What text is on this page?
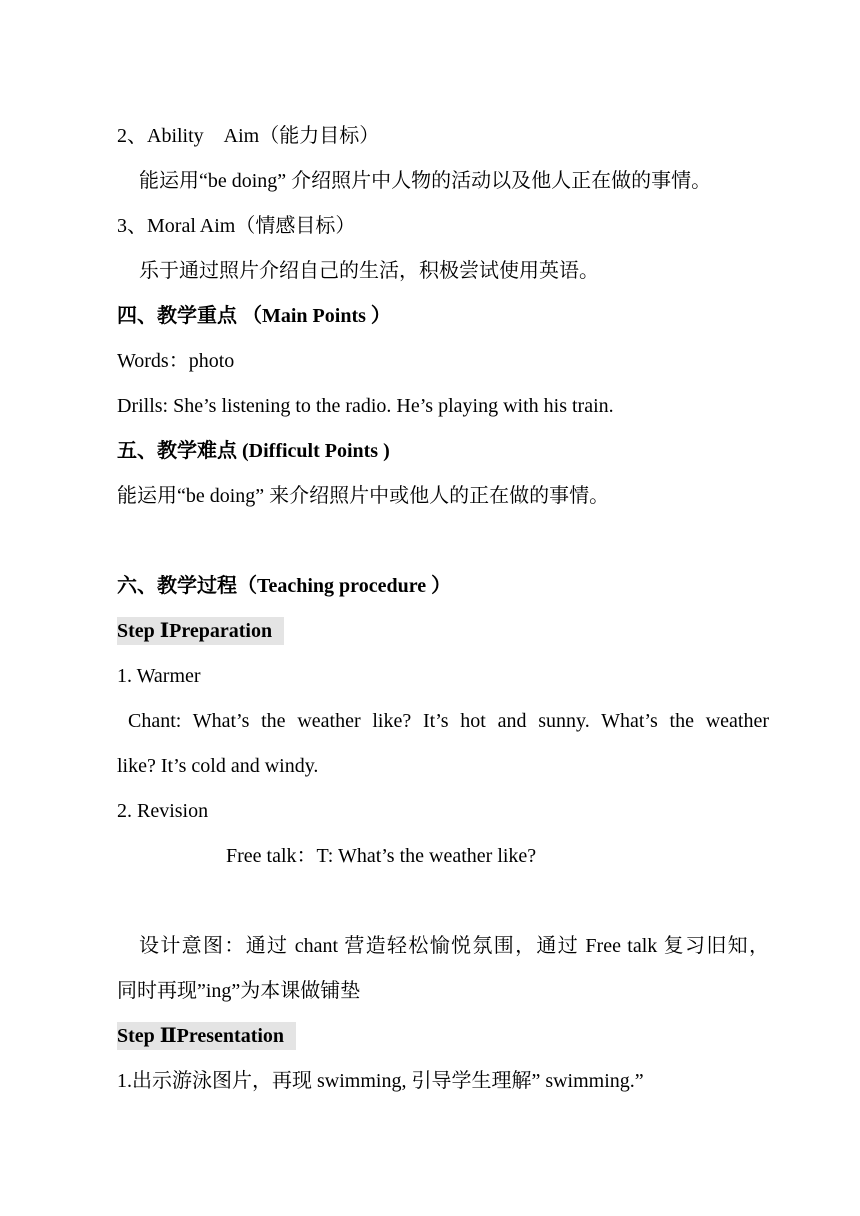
2、Ability　Aim（能力目标）
能运用“be doing” 介绍照片中人物的活动以及他人正在做的事情。
3、Moral Aim（情感目标）
乐于通过照片介绍自己的生活，积极尝试使用英语。
四、教学重点 （Main Points ）
Words：photo
Drills: She’s listening to the radio. He’s playing with his train.
五、教学难点 (Difficult Points )
能运用“be doing” 来介绍照片中或他人的正在做的事情。
六、教学过程（Teaching procedure ）
Step ⅠPreparation
1. Warmer
Chant: What’s the weather like? It’s hot and sunny. What’s the weather
like? It’s cold and windy.
2. Revision
Free talk：T: What’s the weather like?
设计意图：通过 chant 营造轻松愉悦氛围，通过 Free talk 复习旧知，
同时再现”ing”为本课做铺垫
Step ⅡPresentation
1.出示游泳图片，再现 swimming, 引导学生理解” swimming.”
